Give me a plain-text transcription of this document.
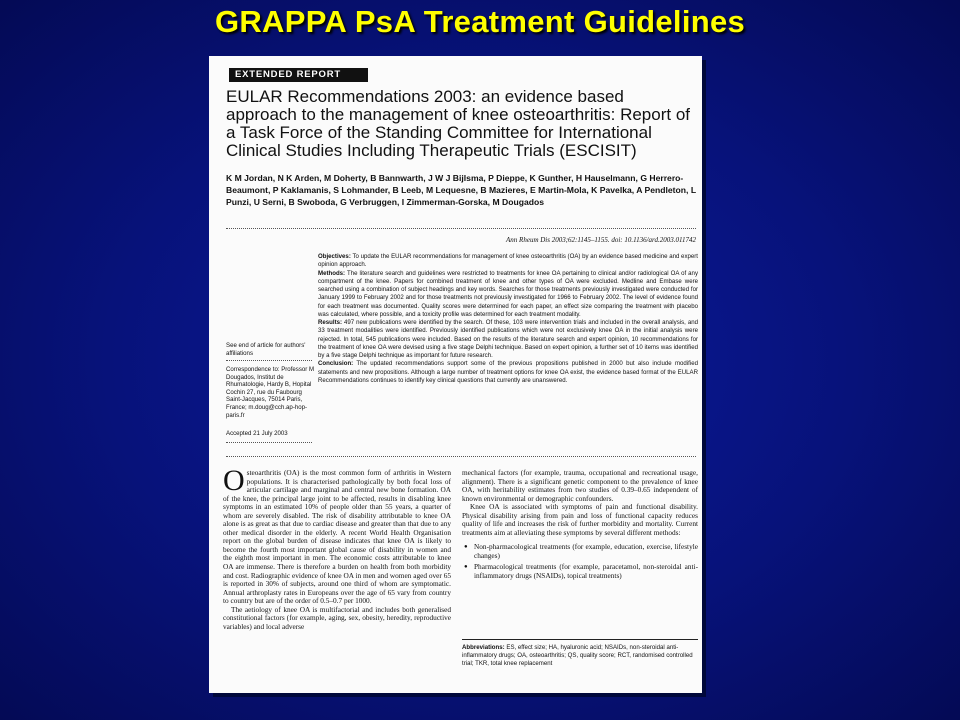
GRAPPA PsA Treatment Guidelines
EXTENDED REPORT
EULAR Recommendations 2003: an evidence based approach to the management of knee osteoarthritis: Report of a Task Force of the Standing Committee for International Clinical Studies Including Therapeutic Trials (ESCISIT)
K M Jordan, N K Arden, M Doherty, B Bannwarth, J W J Bijlsma, P Dieppe, K Gunther, H Hauselmann, G Herrero-Beaumont, P Kaklamanis, S Lohmander, B Leeb, M Lequesne, B Mazieres, E Martin-Mola, K Pavelka, A Pendleton, L Punzi, U Serni, B Swoboda, G Verbruggen, I Zimmerman-Gorska, M Dougados
Ann Rheum Dis 2003;62:1145–1155. doi: 10.1136/ard.2003.011742
See end of article for authors' affiliations
Correspondence to: Professor M Dougados, Institut de Rhumatologie, Hardy B, Hopital Cochin 27, rue du Faubourg Saint-Jacques, 75014 Paris, France; m.doug@cch.ap-hop-paris.fr
Accepted 21 July 2003
Objectives: To update the EULAR recommendations for management of knee osteoarthritis (OA) by an evidence based medicine and expert opinion approach.
Methods: The literature search and guidelines were restricted to treatments for knee OA pertaining to clinical and/or radiological OA of any compartment of the knee. Papers for combined treatment of knee and other types of OA were excluded. Medline and Embase were searched using a combination of subject headings and key words. Searches for those treatments previously investigated were conducted for January 1999 to February 2002 and for those treatments not previously investigated for 1966 to February 2002. The level of evidence found for each treatment was documented. Quality scores were determined for each paper, an effect size comparing the treatment with placebo was calculated, where possible, and a toxicity profile was determined for each treatment modality.
Results: 497 new publications were identified by the search. Of these, 103 were intervention trials and included in the overall analysis, and 33 treatment modalities were identified. Previously identified publications which were not exclusively knee OA in the initial analysis were rejected. In total, 545 publications were included. Based on the results of the literature search and expert opinion, 10 recommendations for the treatment of knee OA were devised using a five stage Delphi technique. Based on expert opinion, a further set of 10 items was identified by a five stage Delphi technique as important for future research.
Conclusion: The updated recommendations support some of the previous propositions published in 2000 but also include modified statements and new propositions. Although a large number of treatment options for knee OA exist, the evidence based format of the EULAR Recommendations continues to identify key clinical questions that currently are unanswered.

Osteoarthritis (OA) is the most common form of arthritis in Western populations. It is characterised pathologically by both focal loss of articular cartilage and marginal and central new bone formation. OA of the knee, the principal large joint to be affected, results in disabling knee symptoms in an estimated 10% of people older than 55 years, a quarter of whom are severely disabled. The risk of disability attributable to knee OA alone is as great as that due to cardiac disease and greater than that due to any other medical disorder in the elderly. A recent World Health Organisation report on the global burden of disease indicates that knee OA is likely to become the fourth most important global cause of disability in women and the eighth most important in men. The economic costs attributable to knee OA are immense. There is therefore a burden on health from both morbidity and cost. Radiographic evidence of knee OA in men and women aged over 65 is reported in 30% of subjects, around one third of whom are symptomatic. Annual arthroplasty rates in Europeans over the age of 65 vary from country to country but are of the order of 0.5–0.7 per 1000.

The aetiology of knee OA is multifactorial and includes both generalised constitutional factors (for example, aging, sex, obesity, heredity, reproductive variables) and local adverse

mechanical factors (for example, trauma, occupational and recreational usage, alignment). There is a significant genetic component to the prevalence of knee OA, with heritability estimates from two studies of 0.39–0.65 independent of known environmental or demographic confounders.

Knee OA is associated with symptoms of pain and functional disability. Physical disability arising from pain and loss of functional capacity reduces quality of life and increases the risk of further morbidity and mortality. Current treatments aim at alleviating these symptoms by several different methods:

● Non-pharmacological treatments (for example, education, exercise, lifestyle changes)
● Pharmacological treatments (for example, paracetamol, non-steroidal anti-inflammatory drugs (NSAIDs), topical treatments)
Abbreviations: ES, effect size; HA, hyaluronic acid; NSAIDs, non-steroidal anti-inflammatory drugs; OA, osteoarthritis; QS, quality score; RCT, randomised controlled trial; TKR, total knee replacement
